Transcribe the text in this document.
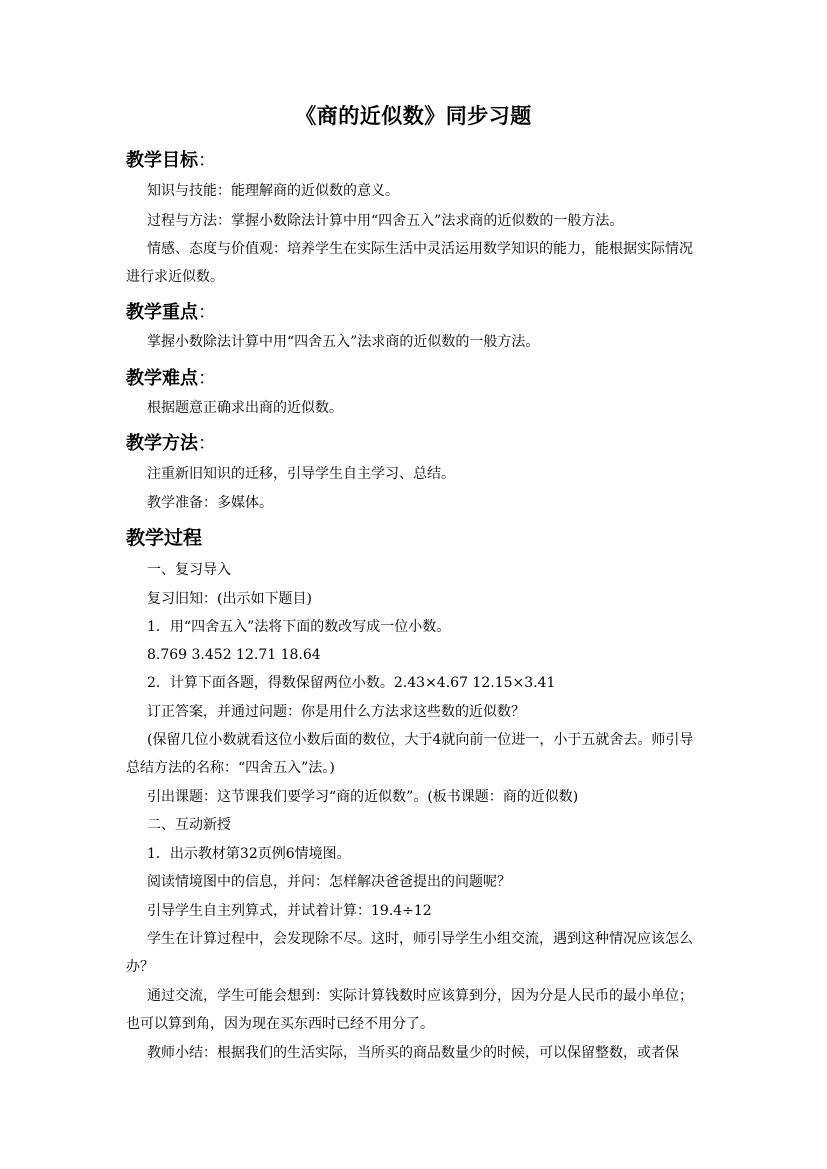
《商的近似数》同步习题
教学目标：
知识与技能：能理解商的近似数的意义。
过程与方法：掌握小数除法计算中用“四舍五入”法求商的近似数的一般方法。
情感、态度与价值观：培养学生在实际生活中灵活运用数学知识的能力，能根据实际情况进行求近似数。
教学重点：
掌握小数除法计算中用“四舍五入”法求商的近似数的一般方法。
教学难点：
根据题意正确求出商的近似数。
教学方法：
注重新旧知识的迁移，引导学生自主学习、总结。
教学准备：多媒体。
教学过程
一、复习导入
复习旧知：(出示如下题目)
1．用“四舍五入”法将下面的数改写成一位小数。
8.769 3.452 12.71 18.64
2．计算下面各题，得数保留两位小数。2.43×4.67 12.15×3.41
订正答案，并通过问题：你是用什么方法求这些数的近似数？
(保留几位小数就看这位小数后面的数位，大于4就向前一位进一，小于五就舍去。师引导总结方法的名称：“四舍五入”法。)
引出课题：这节课我们要学习“商的近似数”。(板书课题：商的近似数)
二、互动新授
1．出示教材第32页例6情境图。
阅读情境图中的信息，并问：怎样解决爸爸提出的问题呢？
引导学生自主列算式，并试着计算：19.4÷12
学生在计算过程中，会发现除不尽。这时，师引导学生小组交流，遇到这种情况应该怎么办？
通过交流，学生可能会想到：实际计算钱数时应该算到分，因为分是人民币的最小单位；也可以算到角，因为现在买东西时已经不用分了。
教师小结：根据我们的生活实际，当所买的商品数量少的时候，可以保留整数，或者保
